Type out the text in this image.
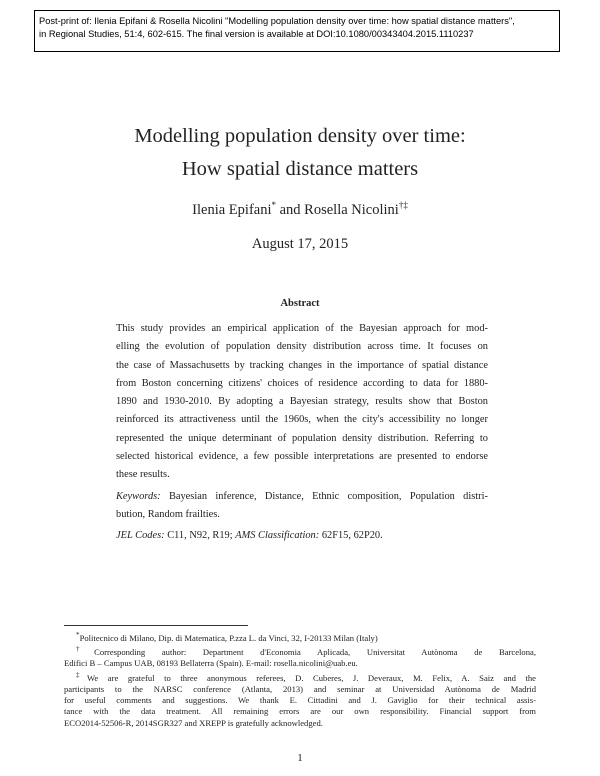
Post-print of: Ilenia Epifani & Rosella Nicolini "Modelling population density over time: how spatial distance matters",
in Regional Studies, 51:4, 602-615. The final version is available at DOI:10.1080/00343404.2015.1110237
Modelling population density over time:
How spatial distance matters
Ilenia Epifani* and Rosella Nicolini†‡
August 17, 2015
Abstract
This study provides an empirical application of the Bayesian approach for mod-
elling the evolution of population density distribution across time. It focuses on
the case of Massachusetts by tracking changes in the importance of spatial distance
from Boston concerning citizens' choices of residence according to data for 1880-
1890 and 1930-2010. By adopting a Bayesian strategy, results show that Boston
reinforced its attractiveness until the 1960s, when the city's accessibility no longer
represented the unique determinant of population density distribution. Referring to
selected historical evidence, a few possible interpretations are presented to endorse
these results.
Keywords: Bayesian inference, Distance, Ethnic composition, Population distri-
bution, Random frailties.
JEL Codes: C11, N92, R19; AMS Classification: 62F15, 62P20.
*Politecnico di Milano, Dip. di Matematica, P.zza L. da Vinci, 32, I-20133 Milan (Italy)
†Corresponding author: Department d'Economia Aplicada, Universitat Autònoma de Barcelona,
Edifici B – Campus UAB, 08193 Bellaterra (Spain). E-mail: rosella.nicolini@uab.eu.
‡We are grateful to three anonymous referees, D. Cuberes, J. Deveraux, M. Felix, A. Saiz and the
participants to the NARSC conference (Atlanta, 2013) and seminar at Universidad Autònoma de Madrid
for useful comments and suggestions. We thank E. Cittadini and J. Gaviglio for their technical assis-
tance with the data treatment. All remaining errors are our own responsibility. Financial support from
ECO2014-52506-R, 2014SGR327 and XREPP is gratefully acknowledged.
1
